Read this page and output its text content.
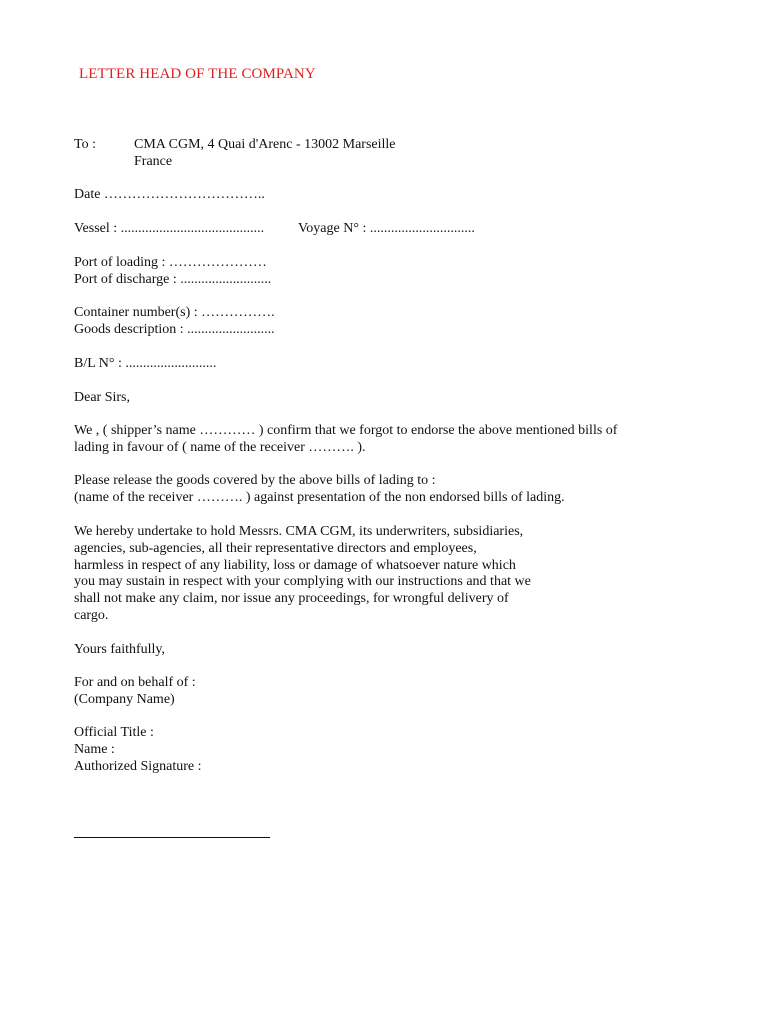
LETTER HEAD OF THE COMPANY
To :	CMA CGM, 4 Quai d'Arenc - 13002 Marseille
France
Date ……………………………..
Vessel : ......................................... Voyage N° : ..............................
Port of loading : …………………
Port of discharge : ..........................
Container number(s) : …………….
Goods description : .........................
B/L N° : ..........................
Dear Sirs,
We , ( shipper’s name ………… ) confirm that we forgot to endorse the above mentioned bills of
lading in favour of ( name of the receiver ………. ).
Please release the goods covered by the above bills of lading to :
(name of the receiver ………. ) against presentation of the non endorsed bills of lading.
We hereby undertake to hold Messrs. CMA CGM, its underwriters, subsidiaries,
agencies, sub-agencies, all their representative directors and employees,
harmless in respect of any liability, loss or damage of whatsoever nature which
you may sustain in respect with your complying with our instructions and that we
shall not make any claim, nor issue any proceedings, for wrongful delivery of
cargo.
Yours faithfully,
For and on behalf of :
(Company Name)
Official Title :
Name :
Authorized Signature :
